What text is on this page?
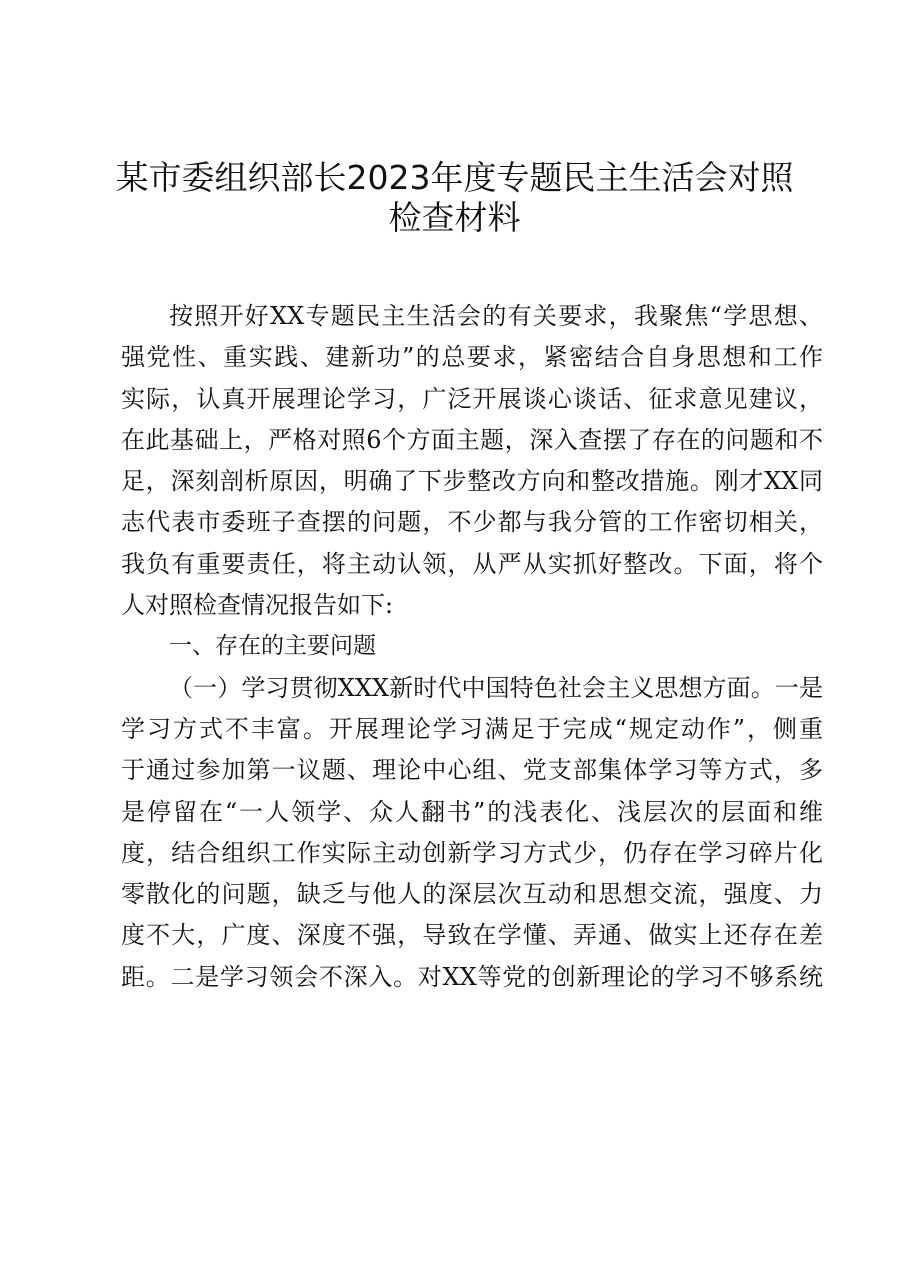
某市委组织部长2023年度专题民主生活会对照
检查材料
按照开好XX专题民主生活会的有关要求，我聚焦“学思想、
强党性、重实践、建新功”的总要求，紧密结合自身思想和工作
实际，认真开展理论学习，广泛开展谈心谈话、征求意见建议，
在此基础上，严格对照6个方面主题，深入查摆了存在的问题和不
足，深刻剖析原因，明确了下步整改方向和整改措施。刚才XX同
志代表市委班子查摆的问题，不少都与我分管的工作密切相关，
我负有重要责任，将主动认领，从严从实抓好整改。下面，将个
人对照检查情况报告如下:
一、存在的主要问题
（一）学习贯彻XXX新时代中国特色社会主义思想方面。一是
学习方式不丰富。开展理论学习满足于完成“规定动作”，侧重
于通过参加第一议题、理论中心组、党支部集体学习等方式，多
是停留在“一人领学、众人翻书”的浅表化、浅层次的层面和维
度，结合组织工作实际主动创新学习方式少，仍存在学习碎片化
零散化的问题，缺乏与他人的深层次互动和思想交流，强度、力
度不大，广度、深度不强，导致在学懂、弄通、做实上还存在差
距。二是学习领会不深入。对XX等党的创新理论的学习不够系统
